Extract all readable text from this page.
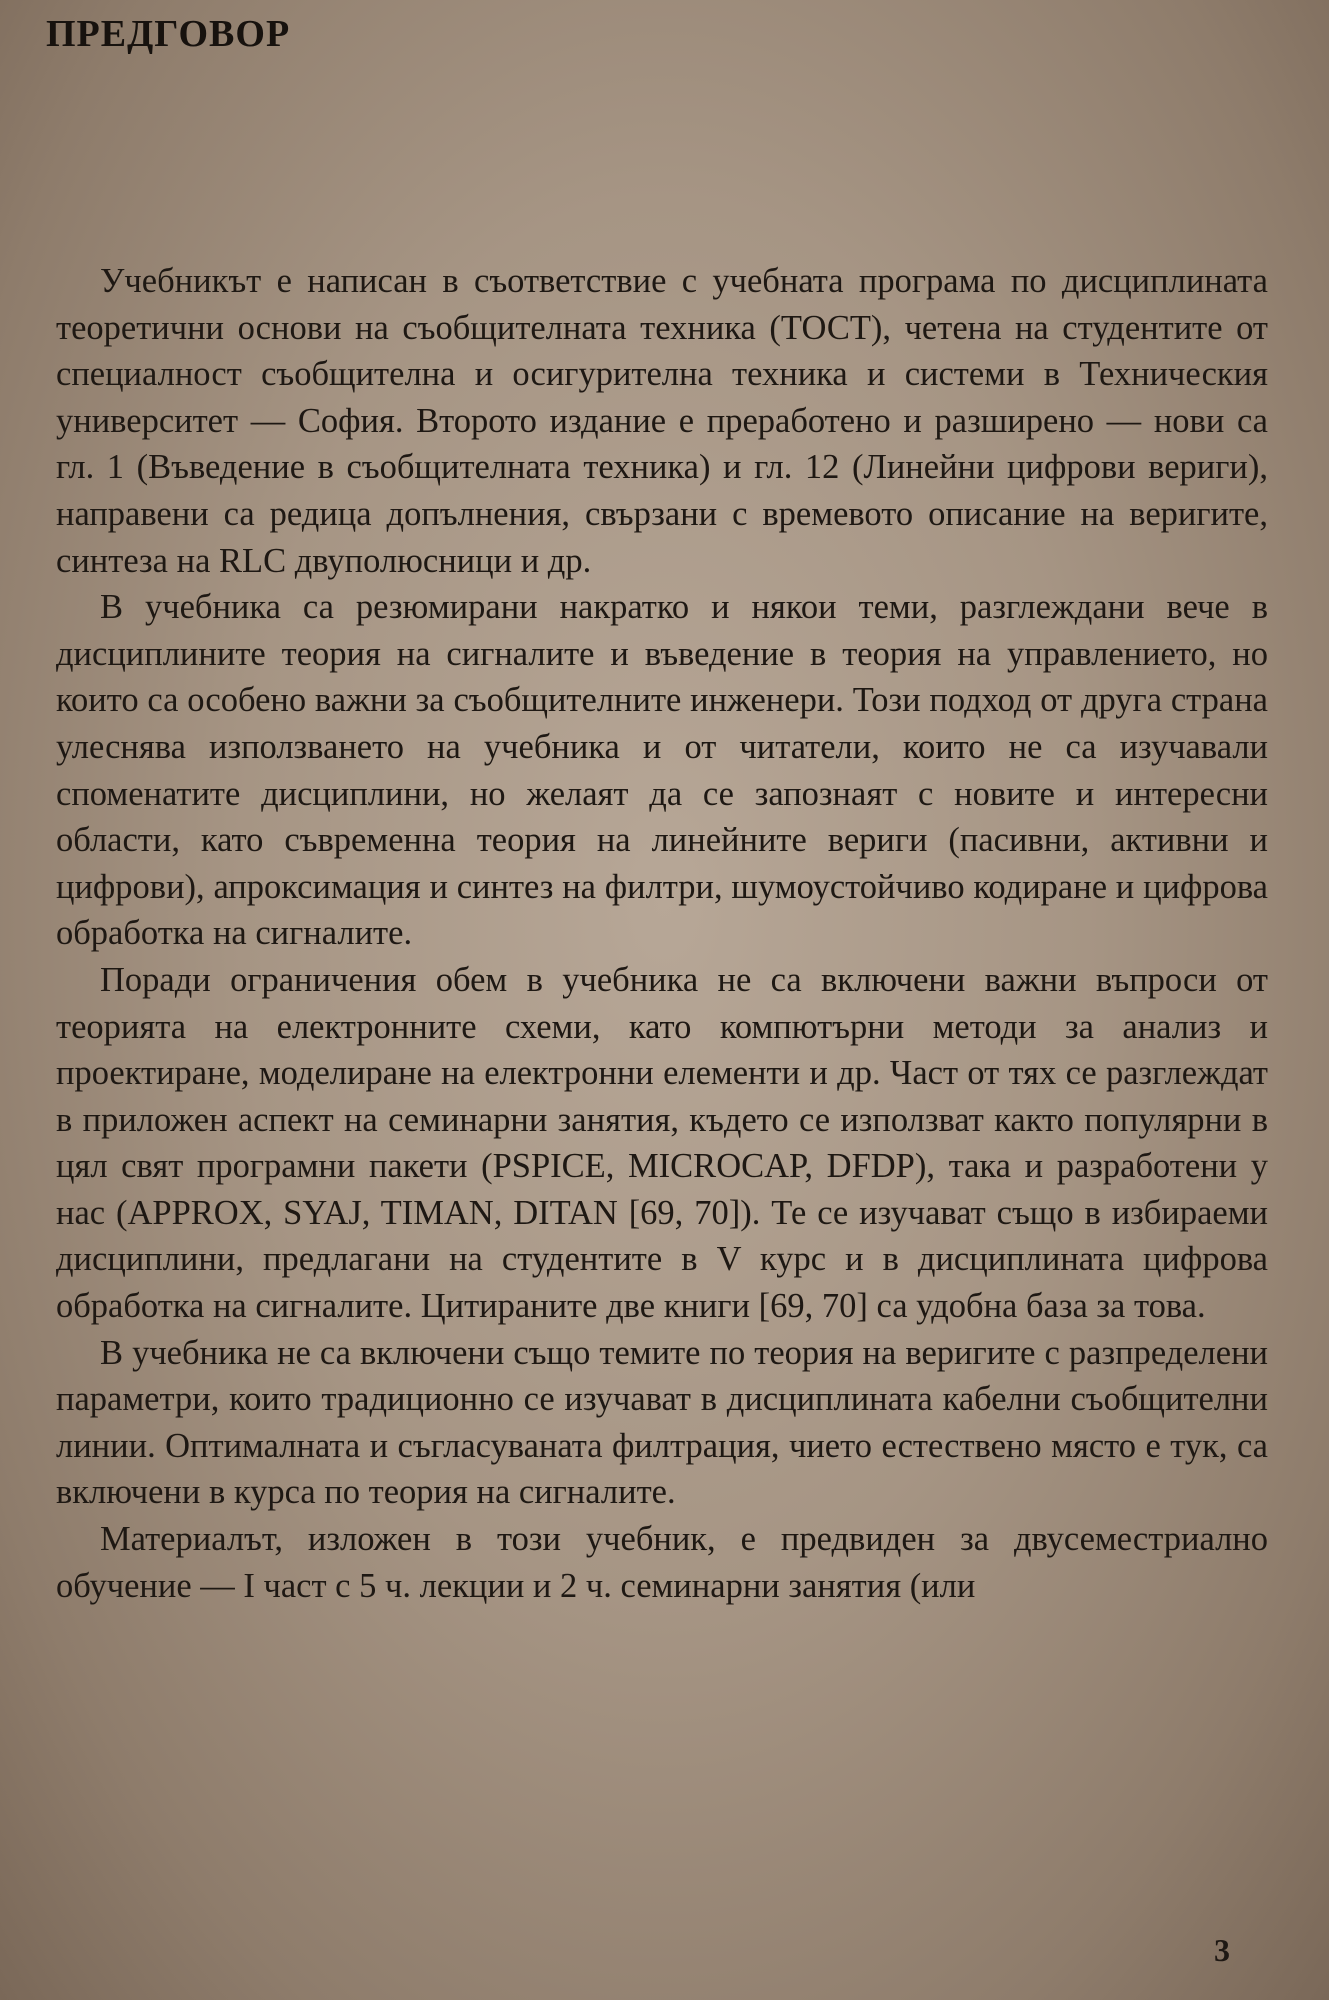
ПРЕДГОВОР

Учебникът е написан в съответствие с учебната програма по дисциплината теоретични основи на съобщителната техника (ТОСТ), четена на студентите от специалност съобщителна и осигурителна техника и системи в Техническия университет — София. Второто издание е преработено и разширено — нови са гл. 1 (Въведение в съобщителната техника) и гл. 12 (Линейни цифрови вериги), направени са редица допълнения, свързани с времевото описание на веригите, синтеза на RLC двуполюсници и др.

В учебника са резюмирани накратко и някои теми, разглеждани вече в дисциплините теория на сигналите и въведение в теория на управлението, но които са особено важни за съобщителните инженери. Този подход от друга страна улеснява използването на учебника и от читатели, които не са изучавали споменатите дисциплини, но желаят да се запознаят с новите и интересни области, като съвременна теория на линейните вериги (пасивни, активни и цифрови), апроксимация и синтез на филтри, шумоустойчиво кодиране и цифрова обработка на сигналите.

Поради ограничения обем в учебника не са включени важни въпроси от теорията на електронните схеми, като компютърни методи за анализ и проектиране, моделиране на електронни елементи и др. Част от тях се разглеждат в приложен аспект на семинарни занятия, където се използват както популярни в цял свят програмни пакети (PSPICE, MICROCAP, DFDP), така и разработени у нас (APPROX, SYAJ, TIMAN, DITAN [69, 70]). Те се изучават също в избираеми дисциплини, предлагани на студентите в V курс и в дисциплината цифрова обработка на сигналите. Цитираните две книги [69, 70] са удобна база за това.

В учебника не са включени също темите по теория на веригите с разпределени параметри, които традиционно се изучават в дисциплината кабелни съобщителни линии. Оптималната и съгласуваната филтрация, чието естествено място е тук, са включени в курса по теория на сигналите.

Материалът, изложен в този учебник, е предвиден за двусеместриално обучение — I част с 5 ч. лекции и 2 ч. семинарни занятия (или

3
